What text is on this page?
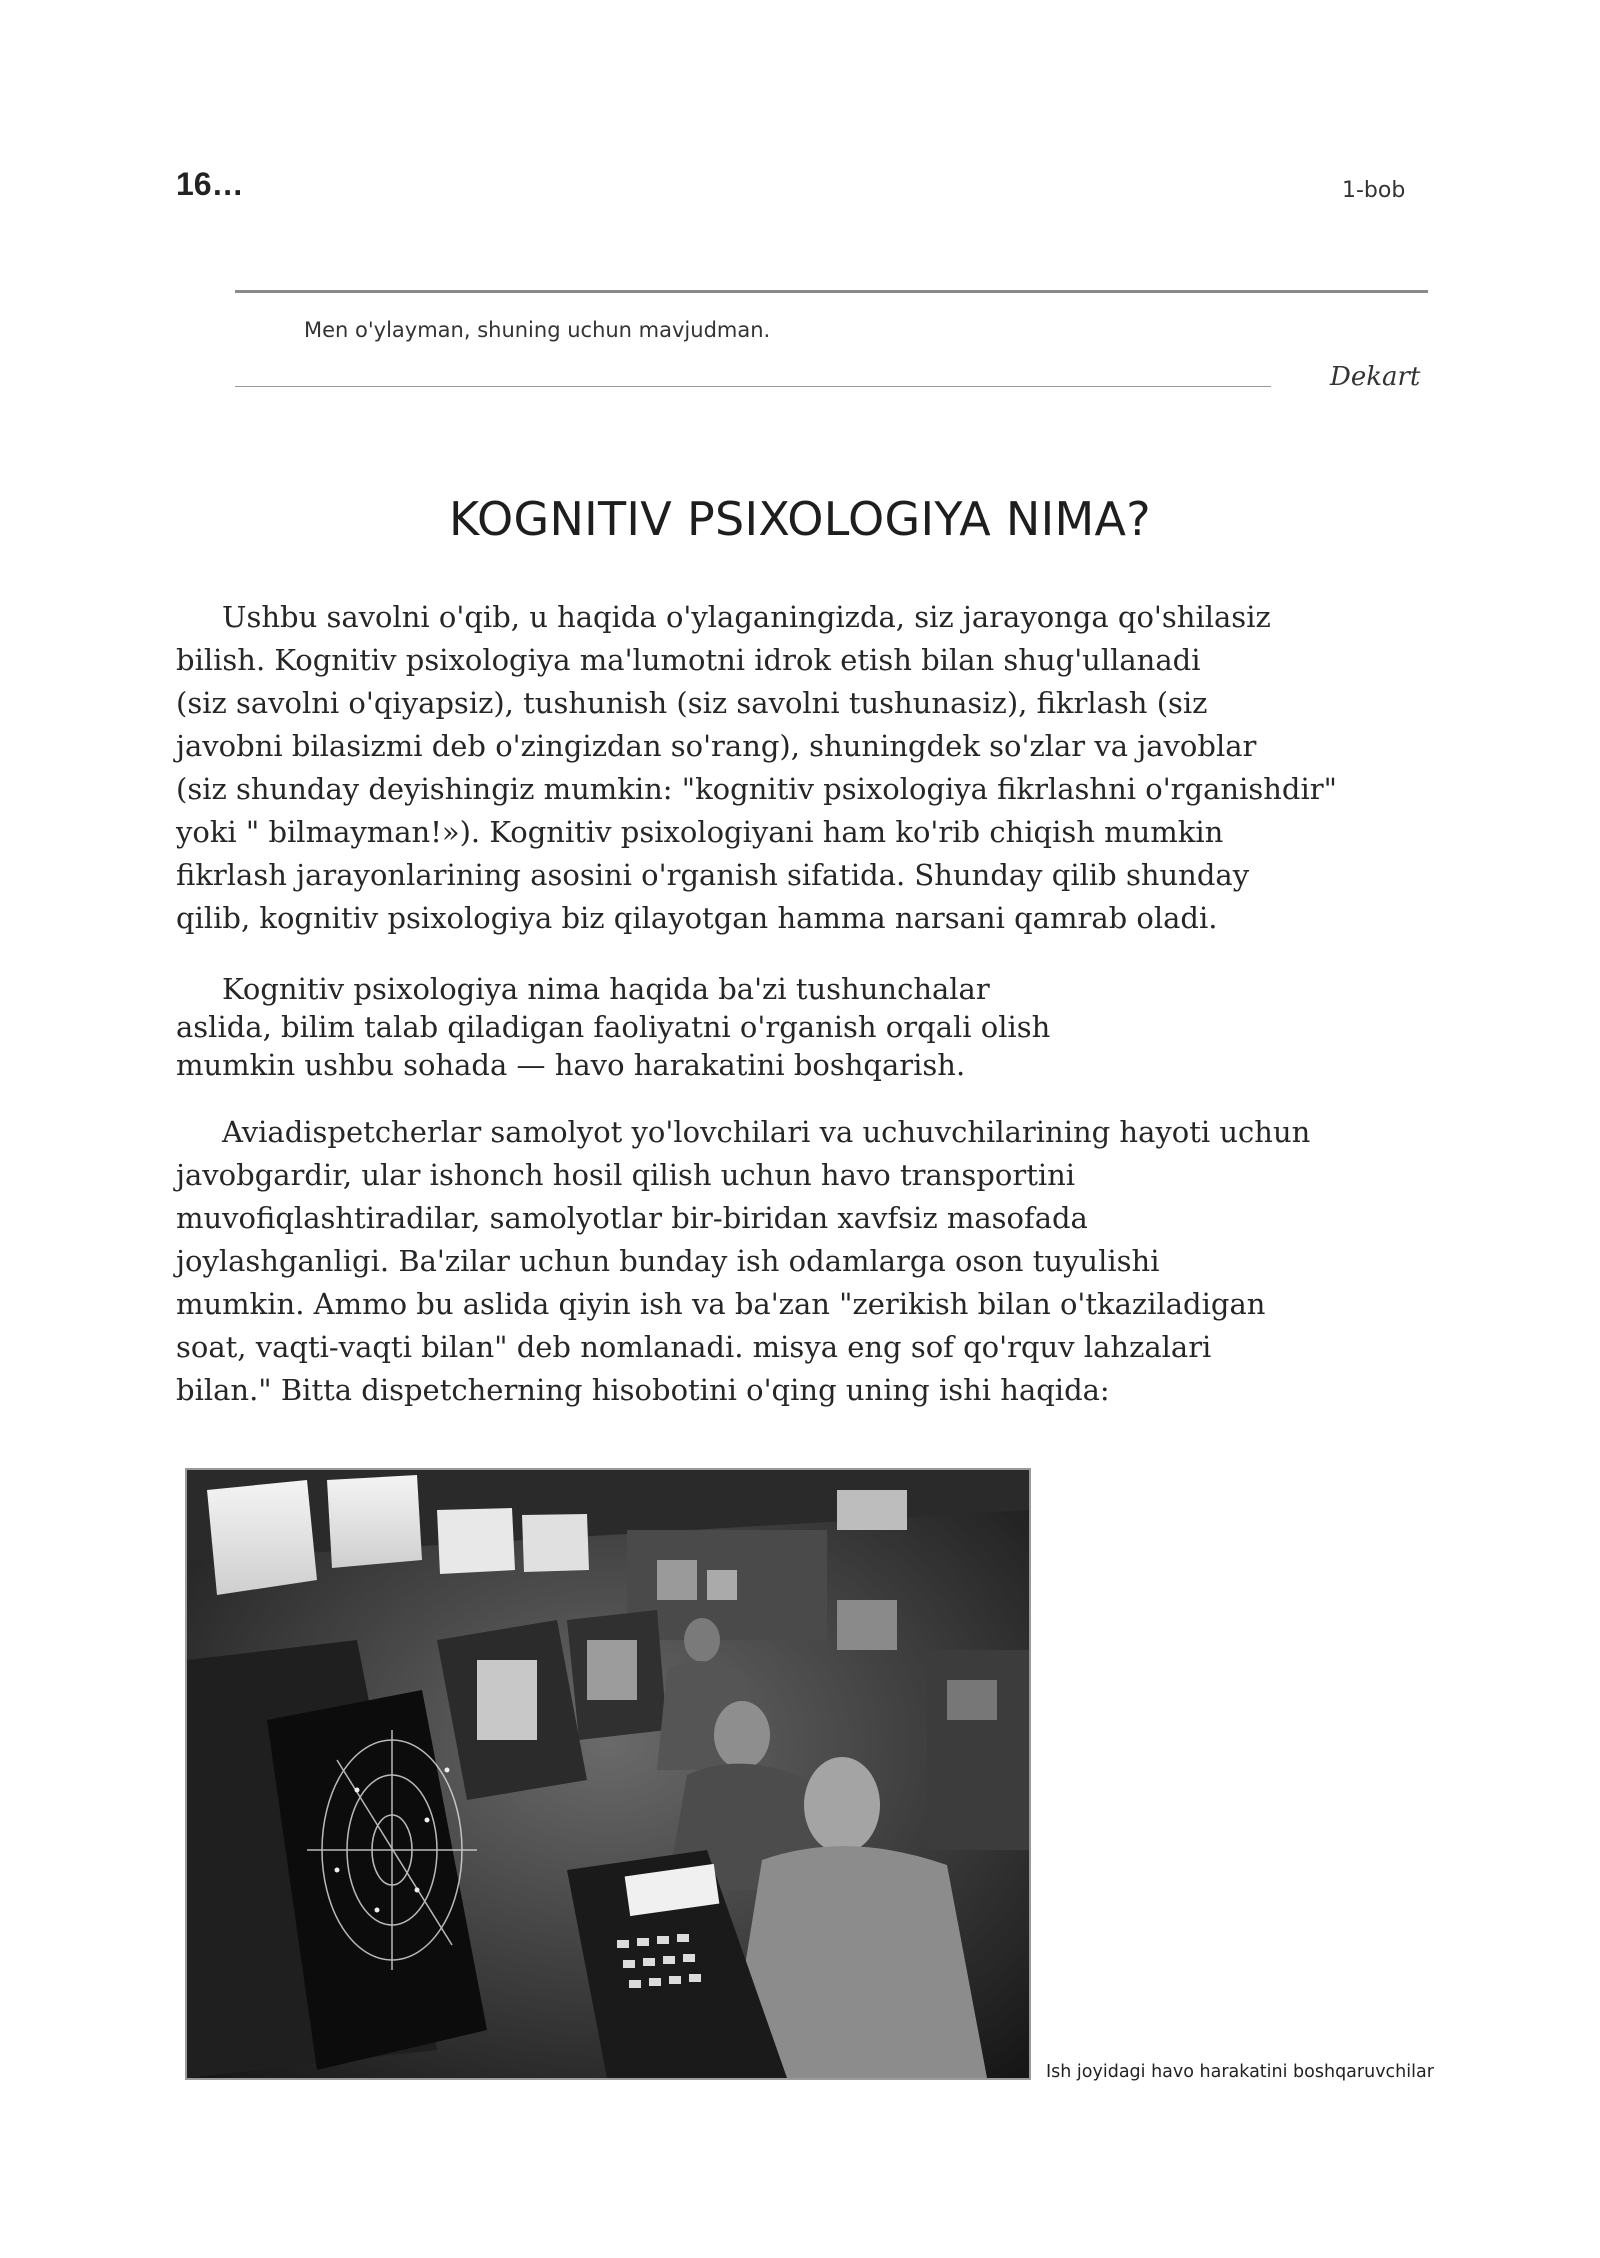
16…	1-bob
Men o'ylayman, shuning uchun mavjudman.
Dekart
KOGNITIV PSIXOLOGIYA NIMA?
Ushbu savolni o'qib, u haqida o'ylaganingizda, siz jarayonga qo'shilasiz
bilish. Kognitiv psixologiya ma'lumotni idrok etish bilan shug'ullanadi
(siz savolni o'qiyapsiz), tushunish (siz savolni tushunasiz), fikrlash (siz
javobni bilasizmi deb o'zingizdan so'rang), shuningdek so'zlar va javoblar
(siz shunday deyishingiz mumkin: "kognitiv psixologiya fikrlashni o'rganishdir"
yoki " bilmayman!»). Kognitiv psixologiyani ham ko'rib chiqish mumkin
fikrlash jarayonlarining asosini o'rganish sifatida. Shunday qilib shunday
qilib, kognitiv psixologiya biz qilayotgan hamma narsani qamrab oladi.
Kognitiv psixologiya nima haqida ba'zi tushunchalar
aslida, bilim talab qiladigan faoliyatni o'rganish orqali olish
mumkin ushbu sohada — havo harakatini boshqarish.
Aviadispetcherlar samolyot yo'lovchilari va uchuvchilarining hayoti uchun
javobgardir, ular ishonch hosil qilish uchun havo transportini
muvofiqlashtiradilar, samolyotlar bir-biridan xavfsiz masofada
joylashganligi. Ba'zilar uchun bunday ish odamlarga oson tuyulishi
mumkin. Ammo bu aslida qiyin ish va ba'zan "zerikish bilan o'tkaziladigan
soat, vaqti-vaqti bilan" deb nomlanadi. misya eng sof qo'rquv lahzalari
bilan." Bitta dispetcherning hisobotini o'qing uning ishi haqida:
Ish joyidagi havo harakatini boshqaruvchilar
